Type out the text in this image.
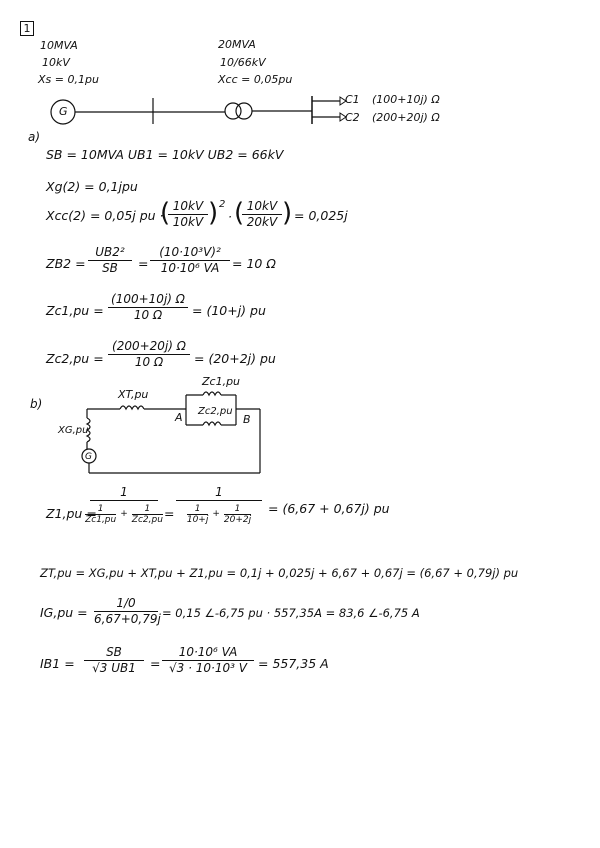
1
10MVA
10kV
Xs = 0,1pu
20MVA
10/66kV
Xcc = 0,05pu
C1 (100+10j) Ω
C2 (200+20j) Ω
G
a)
SB = 10MVA UB1 = 10kV UB2 = 66kV
Xg(2) = 0,1jpu
Xcc(2) = 0,05j pu ·
(
$\frac{10kV}{10kV}$ ) 2
· (
$\frac{10kV}{20kV}$ ) = 0,025j
$ZB2 = \frac{\text{UB2²}}{SB} = \frac{\text{(10·10³V)²}}{\text{10·10⁶ VA}} = 10$ Ω
$Zc1,pu = \frac{(100+10j) \Omega}{10 \Omega} = (10+j)$ pu
$Zc2,pu = \frac{(200+20j) \Omega}{10 \Omega} = (20+2j)$ pu
b)
XT,pu
Zc1,pu
Zc2,pu
XG,pu
A	B
G
Z1,pu =
1
1
Zc1,pu
+ $\frac{1}{Zc2,pu}$ =
1
1
10+j
+ $\frac{1}{20+2j} = (6,67 + 0,67j)$ pu
ZT,pu = XG,pu + XT,pu + Z1,pu = 0,1j + 0,025j + 6,67 + 0,67j = (6,67 + 0,79j) pu
$IG,pu = \frac{1/0}{6,67+0,79j} = 0,15$ ∠-6,75 pu · 557,35A = 83,6 ∠-6,75 A
$IB1 = \frac{SB}{√3 UB1} = \frac{\text{10·10⁶ VA}}{\text{√3 · 10·10³ V}} = 557,35$ A
